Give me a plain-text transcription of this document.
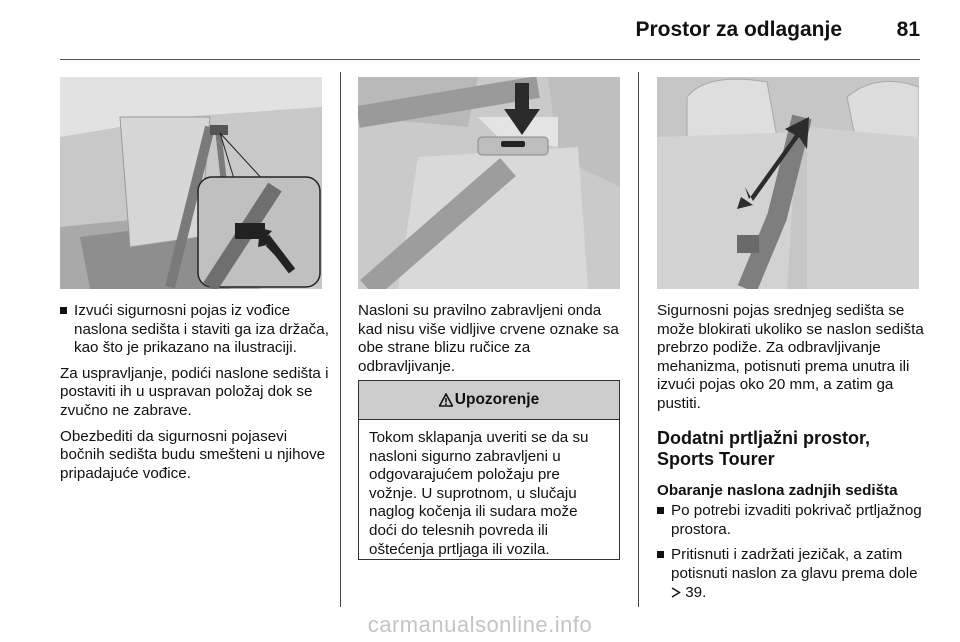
Prostor za odlaganje	81
Izvući sigurnosni pojas iz vođice naslona sedišta i staviti ga iza držača, kao što je prikazano na ilustraciji.

Za uspravljanje, podići naslone sedišta i postaviti ih u uspravan položaj dok se zvučno ne zabrave.

Obezbediti da sigurnosni pojasevi bočnih sedišta budu smešteni u njihove pripadajuće vođice.

Nasloni su pravilno zabravljeni onda kad nisu više vidljive crvene oznake sa obe strane blizu ručice za odbravljivanje.

Upozorenje
Tokom sklapanja uveriti se da su nasloni sigurno zabravljeni u odgovarajućem položaju pre vožnje. U suprotnom, u slučaju naglog kočenja ili sudara može doći do telesnih povreda ili oštećenja prtljaga ili vozila.

Sigurnosni pojas srednjeg sedišta se može blokirati ukoliko se naslon sedišta prebrzo podiže. Za odbravljivanje mehanizma, potisnuti prema unutra ili izvući pojas oko 20 mm, a zatim ga pustiti.

Dodatni prtljažni prostor, Sports Tourer
Obaranje naslona zadnjih sedišta
Po potrebi izvaditi pokrivač prtljažnog prostora.
Pritisnuti i zadržati jezičak, a zatim potisnuti naslon za glavu prema dole  39.
carmanualsonline.info
